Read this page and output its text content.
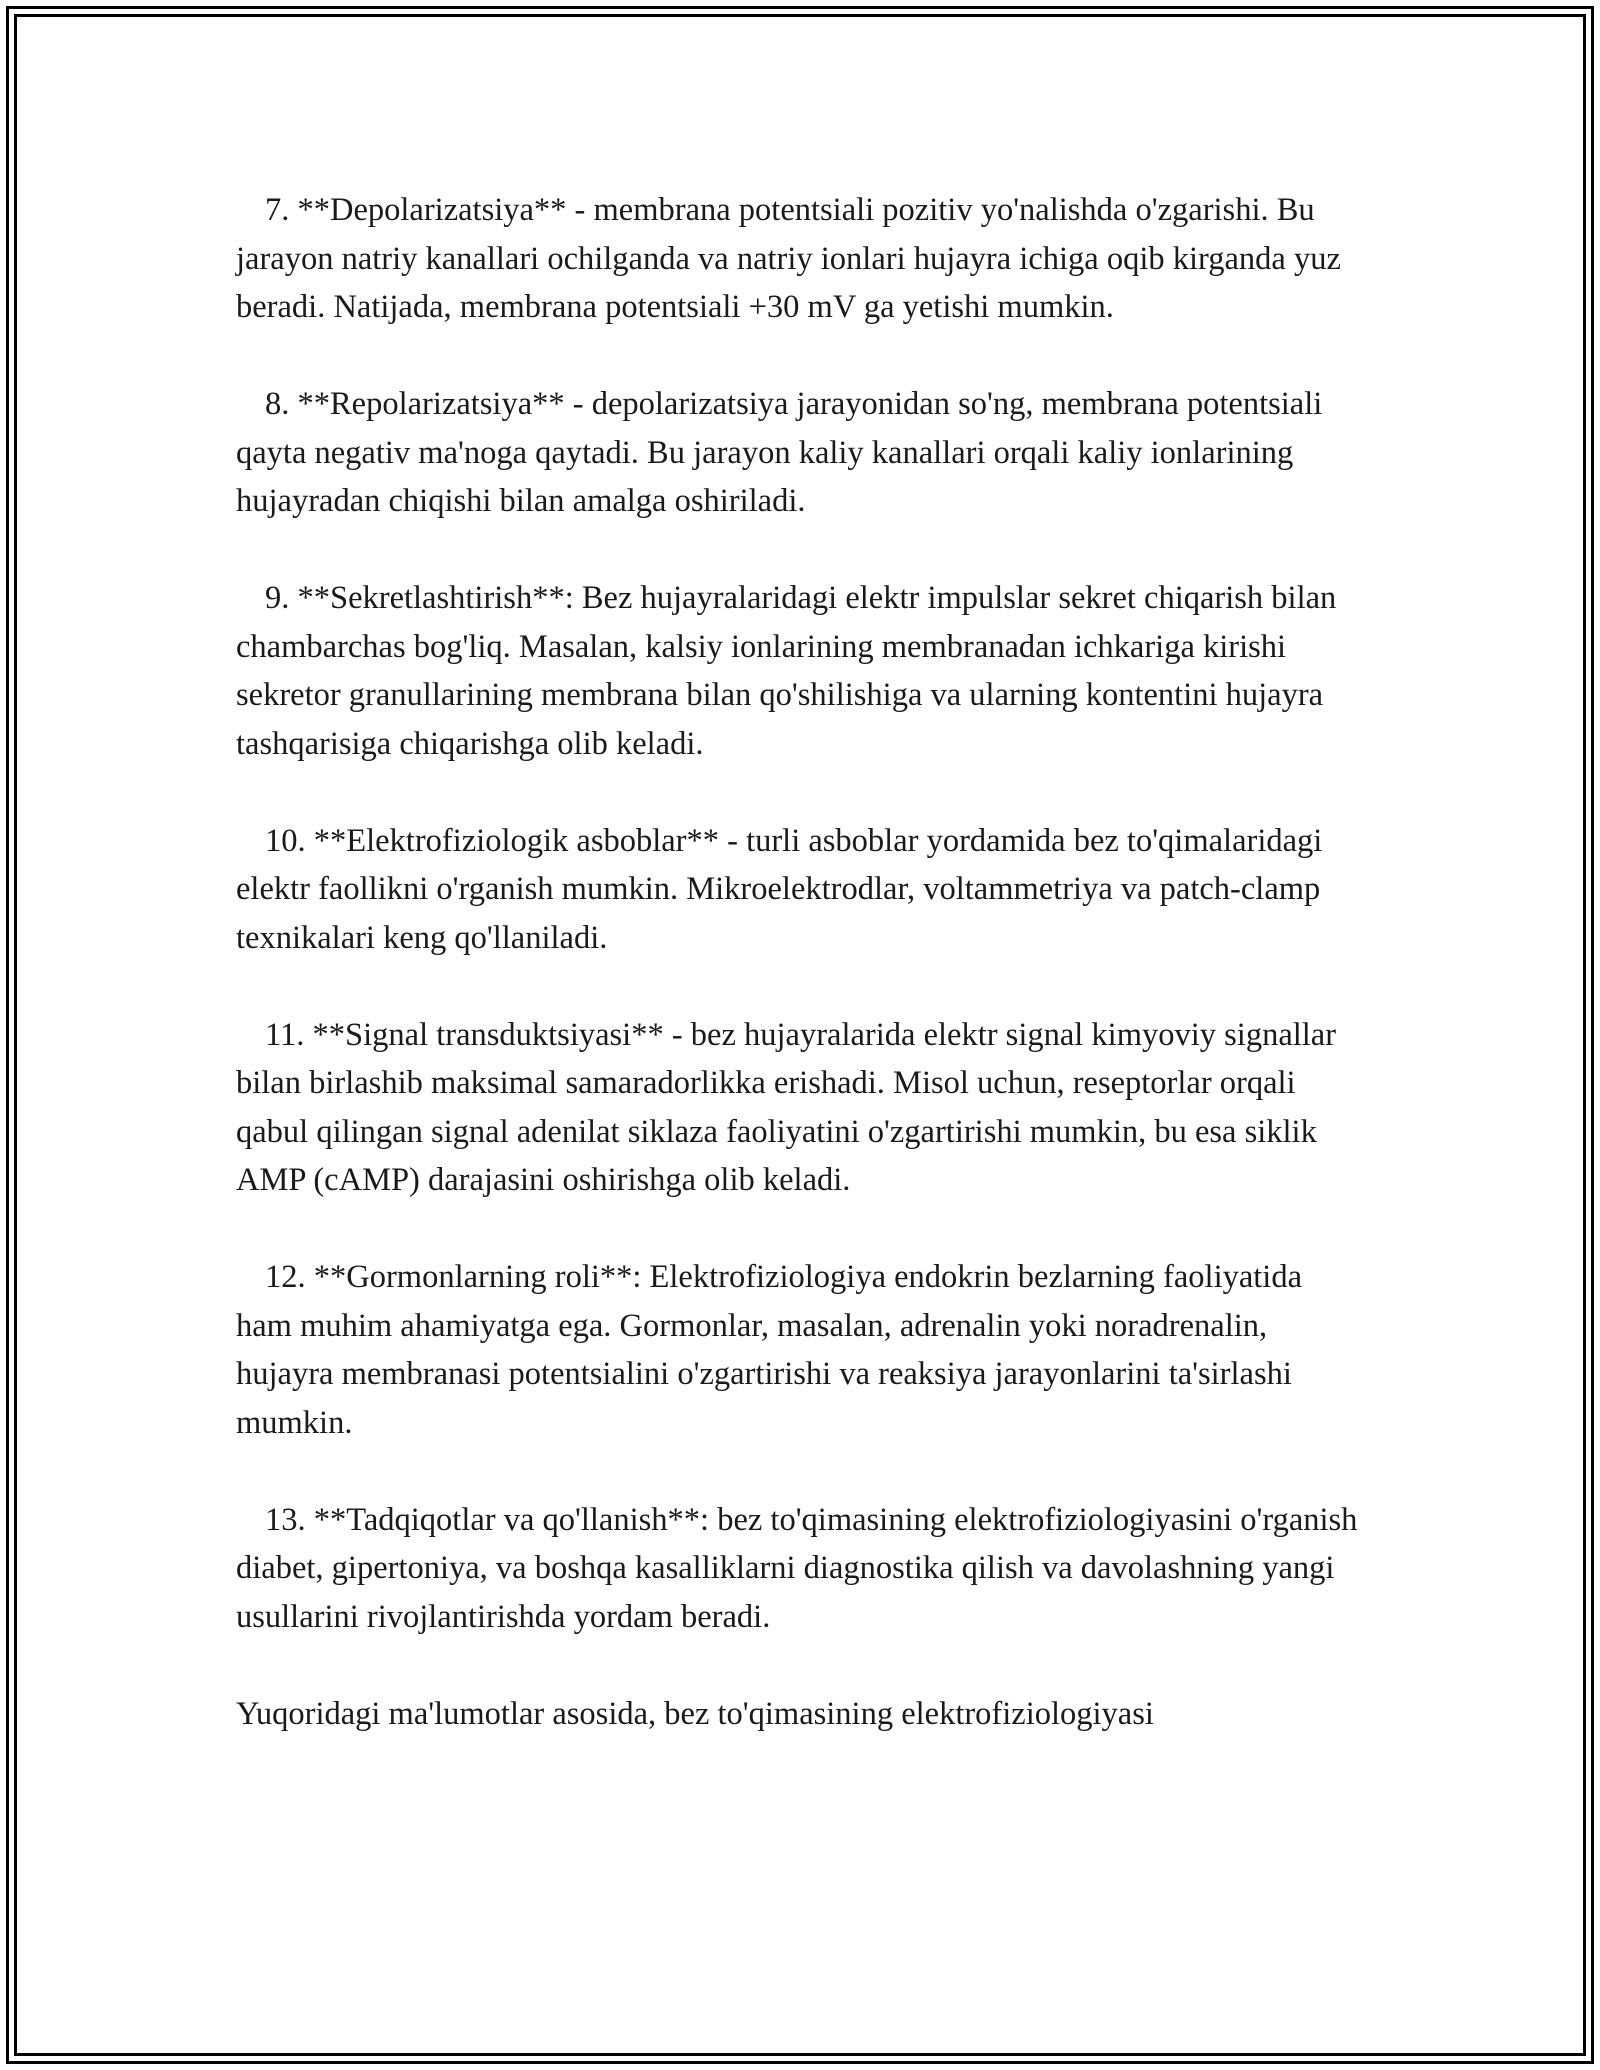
7. **Depolarizatsiya** - membrana potentsiali pozitiv yo'nalishda o'zgarishi. Bu jarayon natriy kanallari ochilganda va natriy ionlari hujayra ichiga oqib kirganda yuz beradi. Natijada, membrana potentsiali +30 mV ga yetishi mumkin.

8. **Repolarizatsiya** - depolarizatsiya jarayonidan so'ng, membrana potentsiali qayta negativ ma'noga qaytadi. Bu jarayon kaliy kanallari orqali kaliy ionlarining hujayradan chiqishi bilan amalga oshiriladi.

9. **Sekretlashtirish**: Bez hujayralaridagi elektr impulslar sekret chiqarish bilan chambarchas bog'liq. Masalan, kalsiy ionlarining membranadan ichkariga kirishi sekretor granullarining membrana bilan qo'shilishiga va ularning kontentini hujayra tashqarisiga chiqarishga olib keladi.

10. **Elektrofiziologik asboblar** - turli asboblar yordamida bez to'qimalaridagi elektr faollikni o'rganish mumkin. Mikroelektrodlar, voltammetriya va patch-clamp texnikalari keng qo'llaniladi.

11. **Signal transduktsiyasi** - bez hujayralarida elektr signal kimyoviy signallar bilan birlashib maksimal samaradorlikka erishadi. Misol uchun, reseptorlar orqali qabul qilingan signal adenilat siklaza faoliyatini o'zgartirishi mumkin, bu esa siklik AMP (cAMP) darajasini oshirishga olib keladi.

12. **Gormonlarning roli**: Elektrofiziologiya endokrin bezlarning faoliyatida ham muhim ahamiyatga ega. Gormonlar, masalan, adrenalin yoki noradrenalin, hujayra membranasi potentsialini o'zgartirishi va reaksiya jarayonlarini ta'sirlashi mumkin.

13. **Tadqiqotlar va qo'llanish**: bez to'qimasining elektrofiziologiyasini o'rganish diabet, gipertoniya, va boshqa kasalliklarni diagnostika qilish va davolashning yangi usullarini rivojlantirishda yordam beradi.

Yuqoridagi ma'lumotlar asosida, bez to'qimasining elektrofiziologiyasi
